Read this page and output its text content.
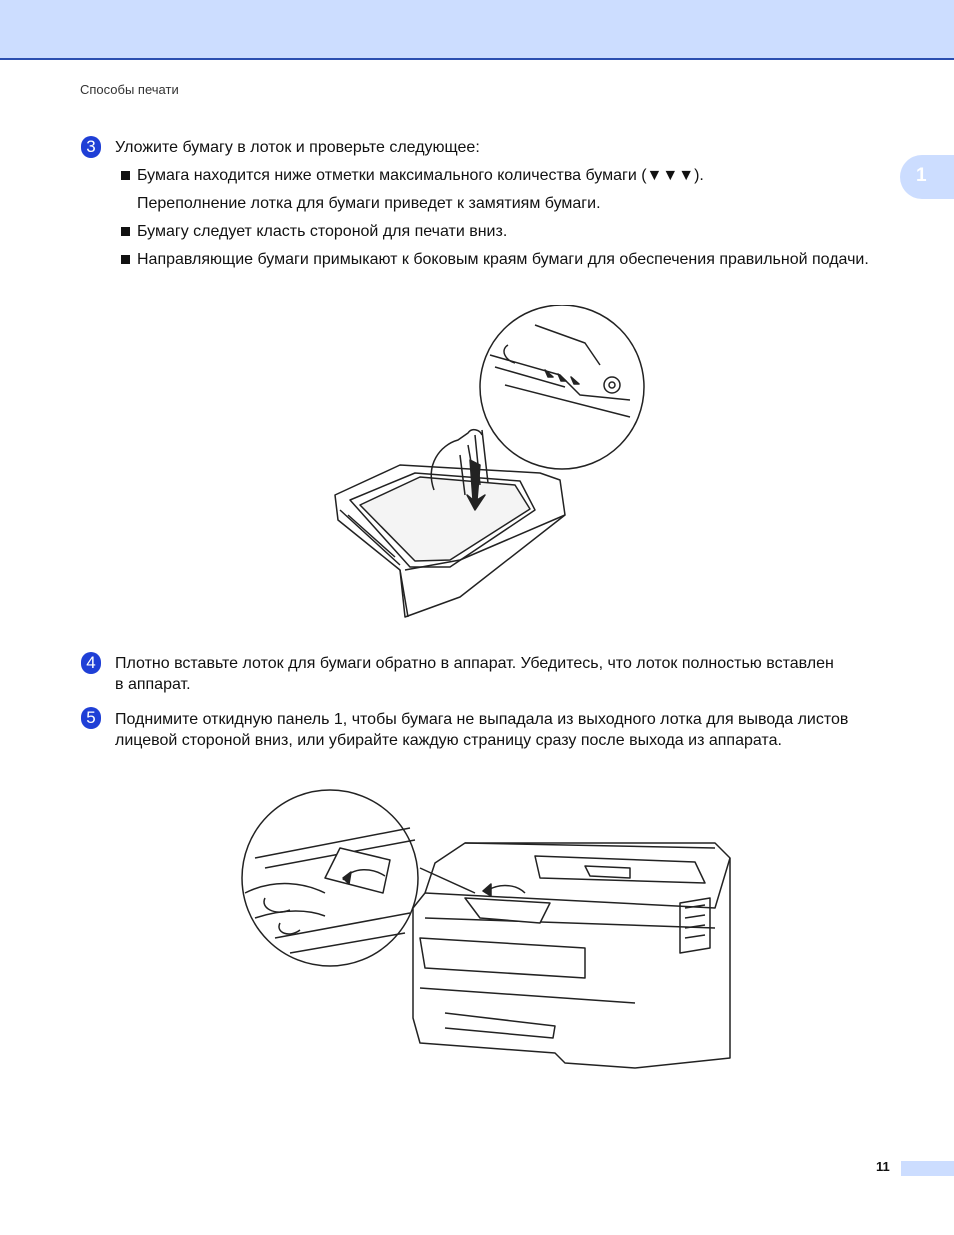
Способы печати
1
3	Уложите бумагу в лоток и проверьте следующее:
Бумага находится ниже отметки максимального количества бумаги (▼▼▼).
Переполнение лотка для бумаги приведет к замятиям бумаги.
Бумагу следует класть стороной для печати вниз.
Направляющие бумаги примыкают к боковым краям бумаги для обеспечения правильной подачи.
4	Плотно вставьте лоток для бумаги обратно в аппарат. Убедитесь, что лоток полностью вставлен
в аппарат.
5	Поднимите откидную панель 1, чтобы бумага не выпадала из выходного лотка для вывода листов
лицевой стороной вниз, или убирайте каждую страницу сразу после выхода из аппарата.
11
